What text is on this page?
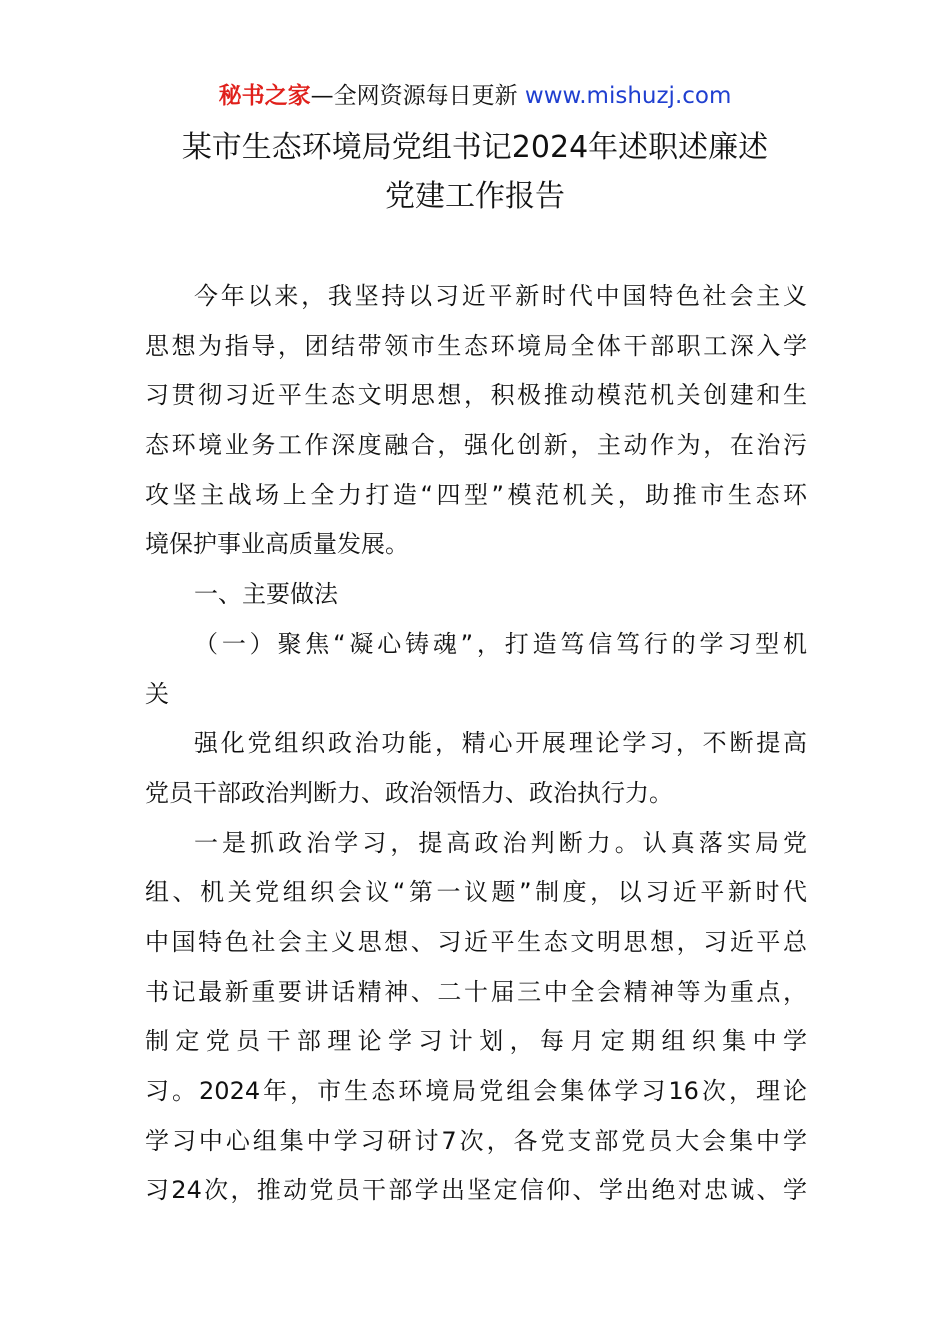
秘书之家—全网资源每日更新 www.mishuzj.com
某市生态环境局党组书记2024年述职述廉述
党建工作报告
今年以来，我坚持以习近平新时代中国特色社会主义
思想为指导，团结带领市生态环境局全体干部职工深入学
习贯彻习近平生态文明思想，积极推动模范机关创建和生
态环境业务工作深度融合，强化创新，主动作为，在治污
攻坚主战场上全力打造“四型”模范机关，助推市生态环
境保护事业高质量发展。
一、主要做法
（一）聚焦“凝心铸魂”，打造笃信笃行的学习型机
关
强化党组织政治功能，精心开展理论学习，不断提高
党员干部政治判断力、政治领悟力、政治执行力。
一是抓政治学习，提高政治判断力。认真落实局党
组、机关党组织会议“第一议题”制度，以习近平新时代
中国特色社会主义思想、习近平生态文明思想，习近平总
书记最新重要讲话精神、二十届三中全会精神等为重点，
制定党员干部理论学习计划，每月定期组织集中学
习。2024年，市生态环境局党组会集体学习16次，理论
学习中心组集中学习研讨7次，各党支部党员大会集中学
习24次，推动党员干部学出坚定信仰、学出绝对忠诚、学
